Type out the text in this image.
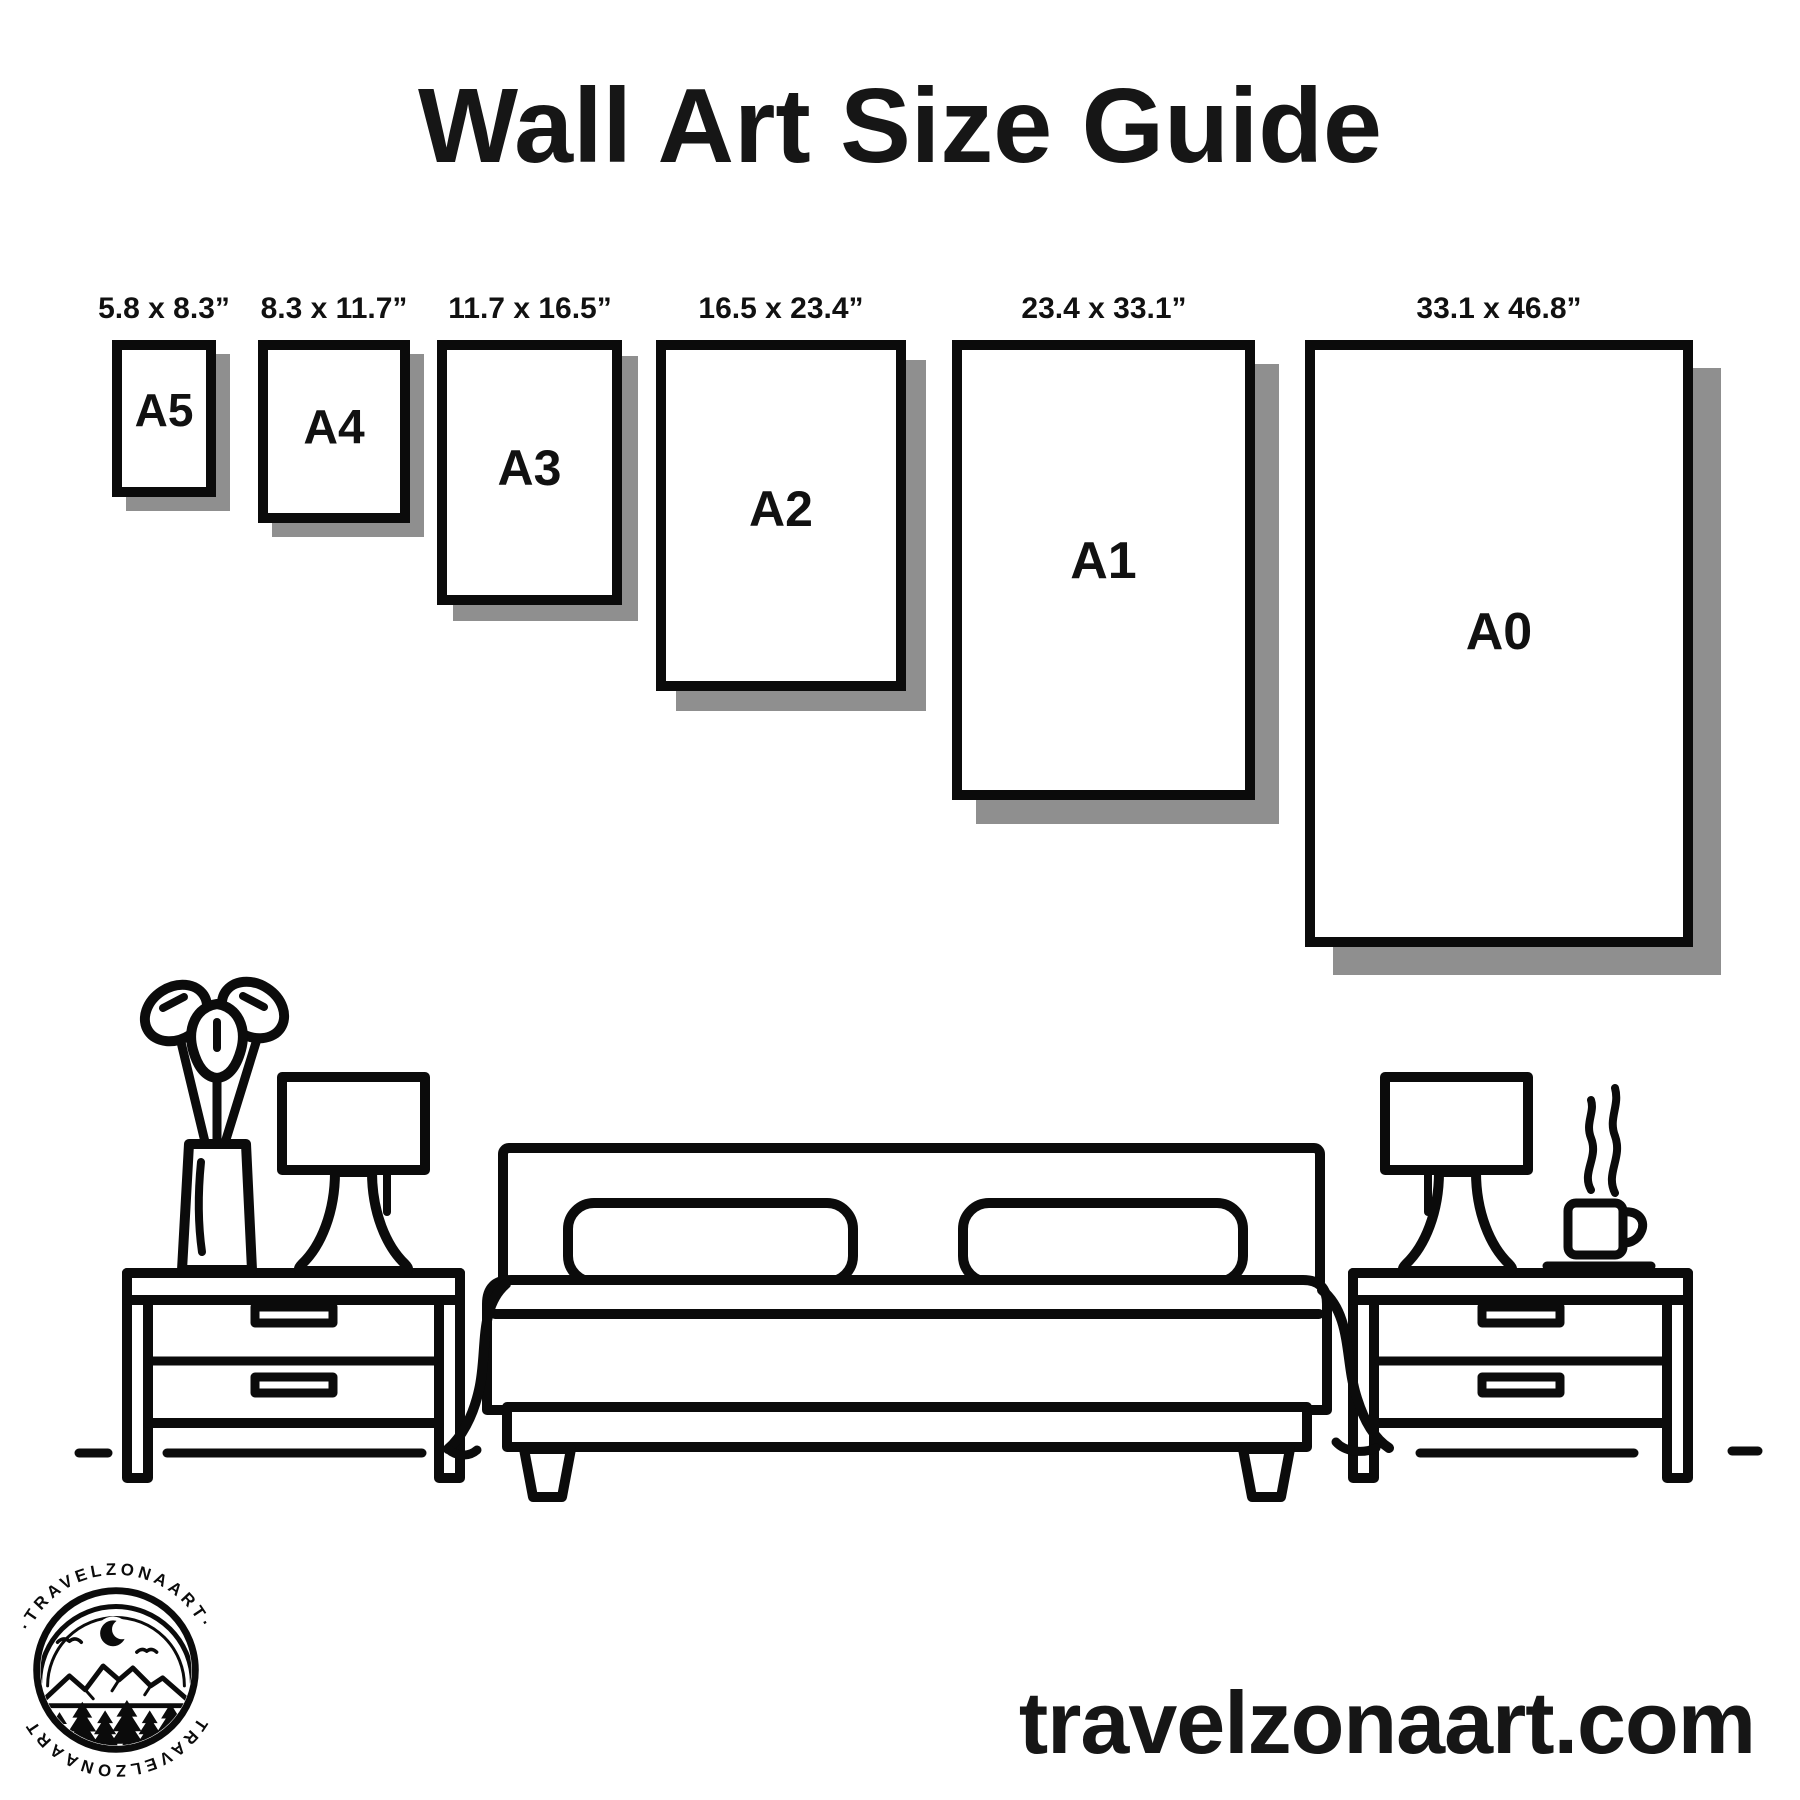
Wall Art Size Guide
5.8 x 8.3” 8.3 x 11.7” 11.7 x 16.5”	16.5 x 23.4”	23.4 x 33.1”	33.1 x 46.8”
A5 A4
A3
A2
A1
A0
·TRAVELZONAART·
TRAVELZONAART	travelzonaart.com
